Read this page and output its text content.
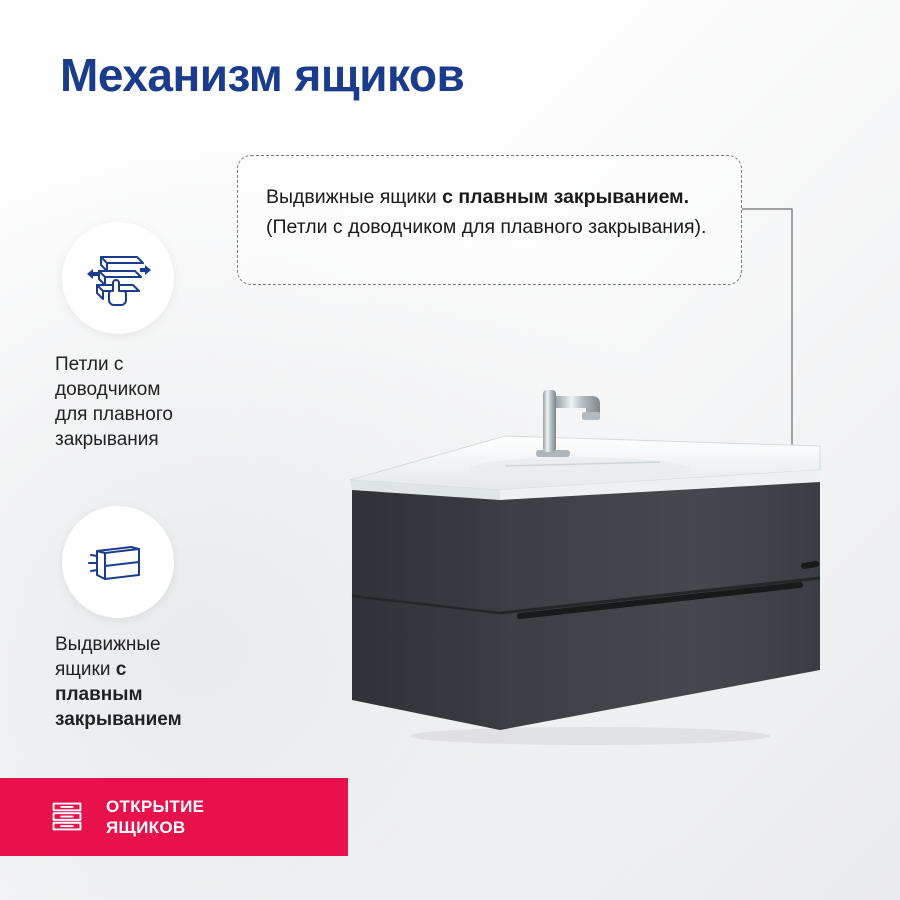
Механизм ящиков
Выдвижные ящики с плавным закрыванием. (Петли с доводчиком для плавного закрывания).
Петли с
доводчиком
для плавного
закрывания
Выдвижные
ящики с
плавным
закрыванием
ОТКРЫТИЕ
ЯЩИКОВ
